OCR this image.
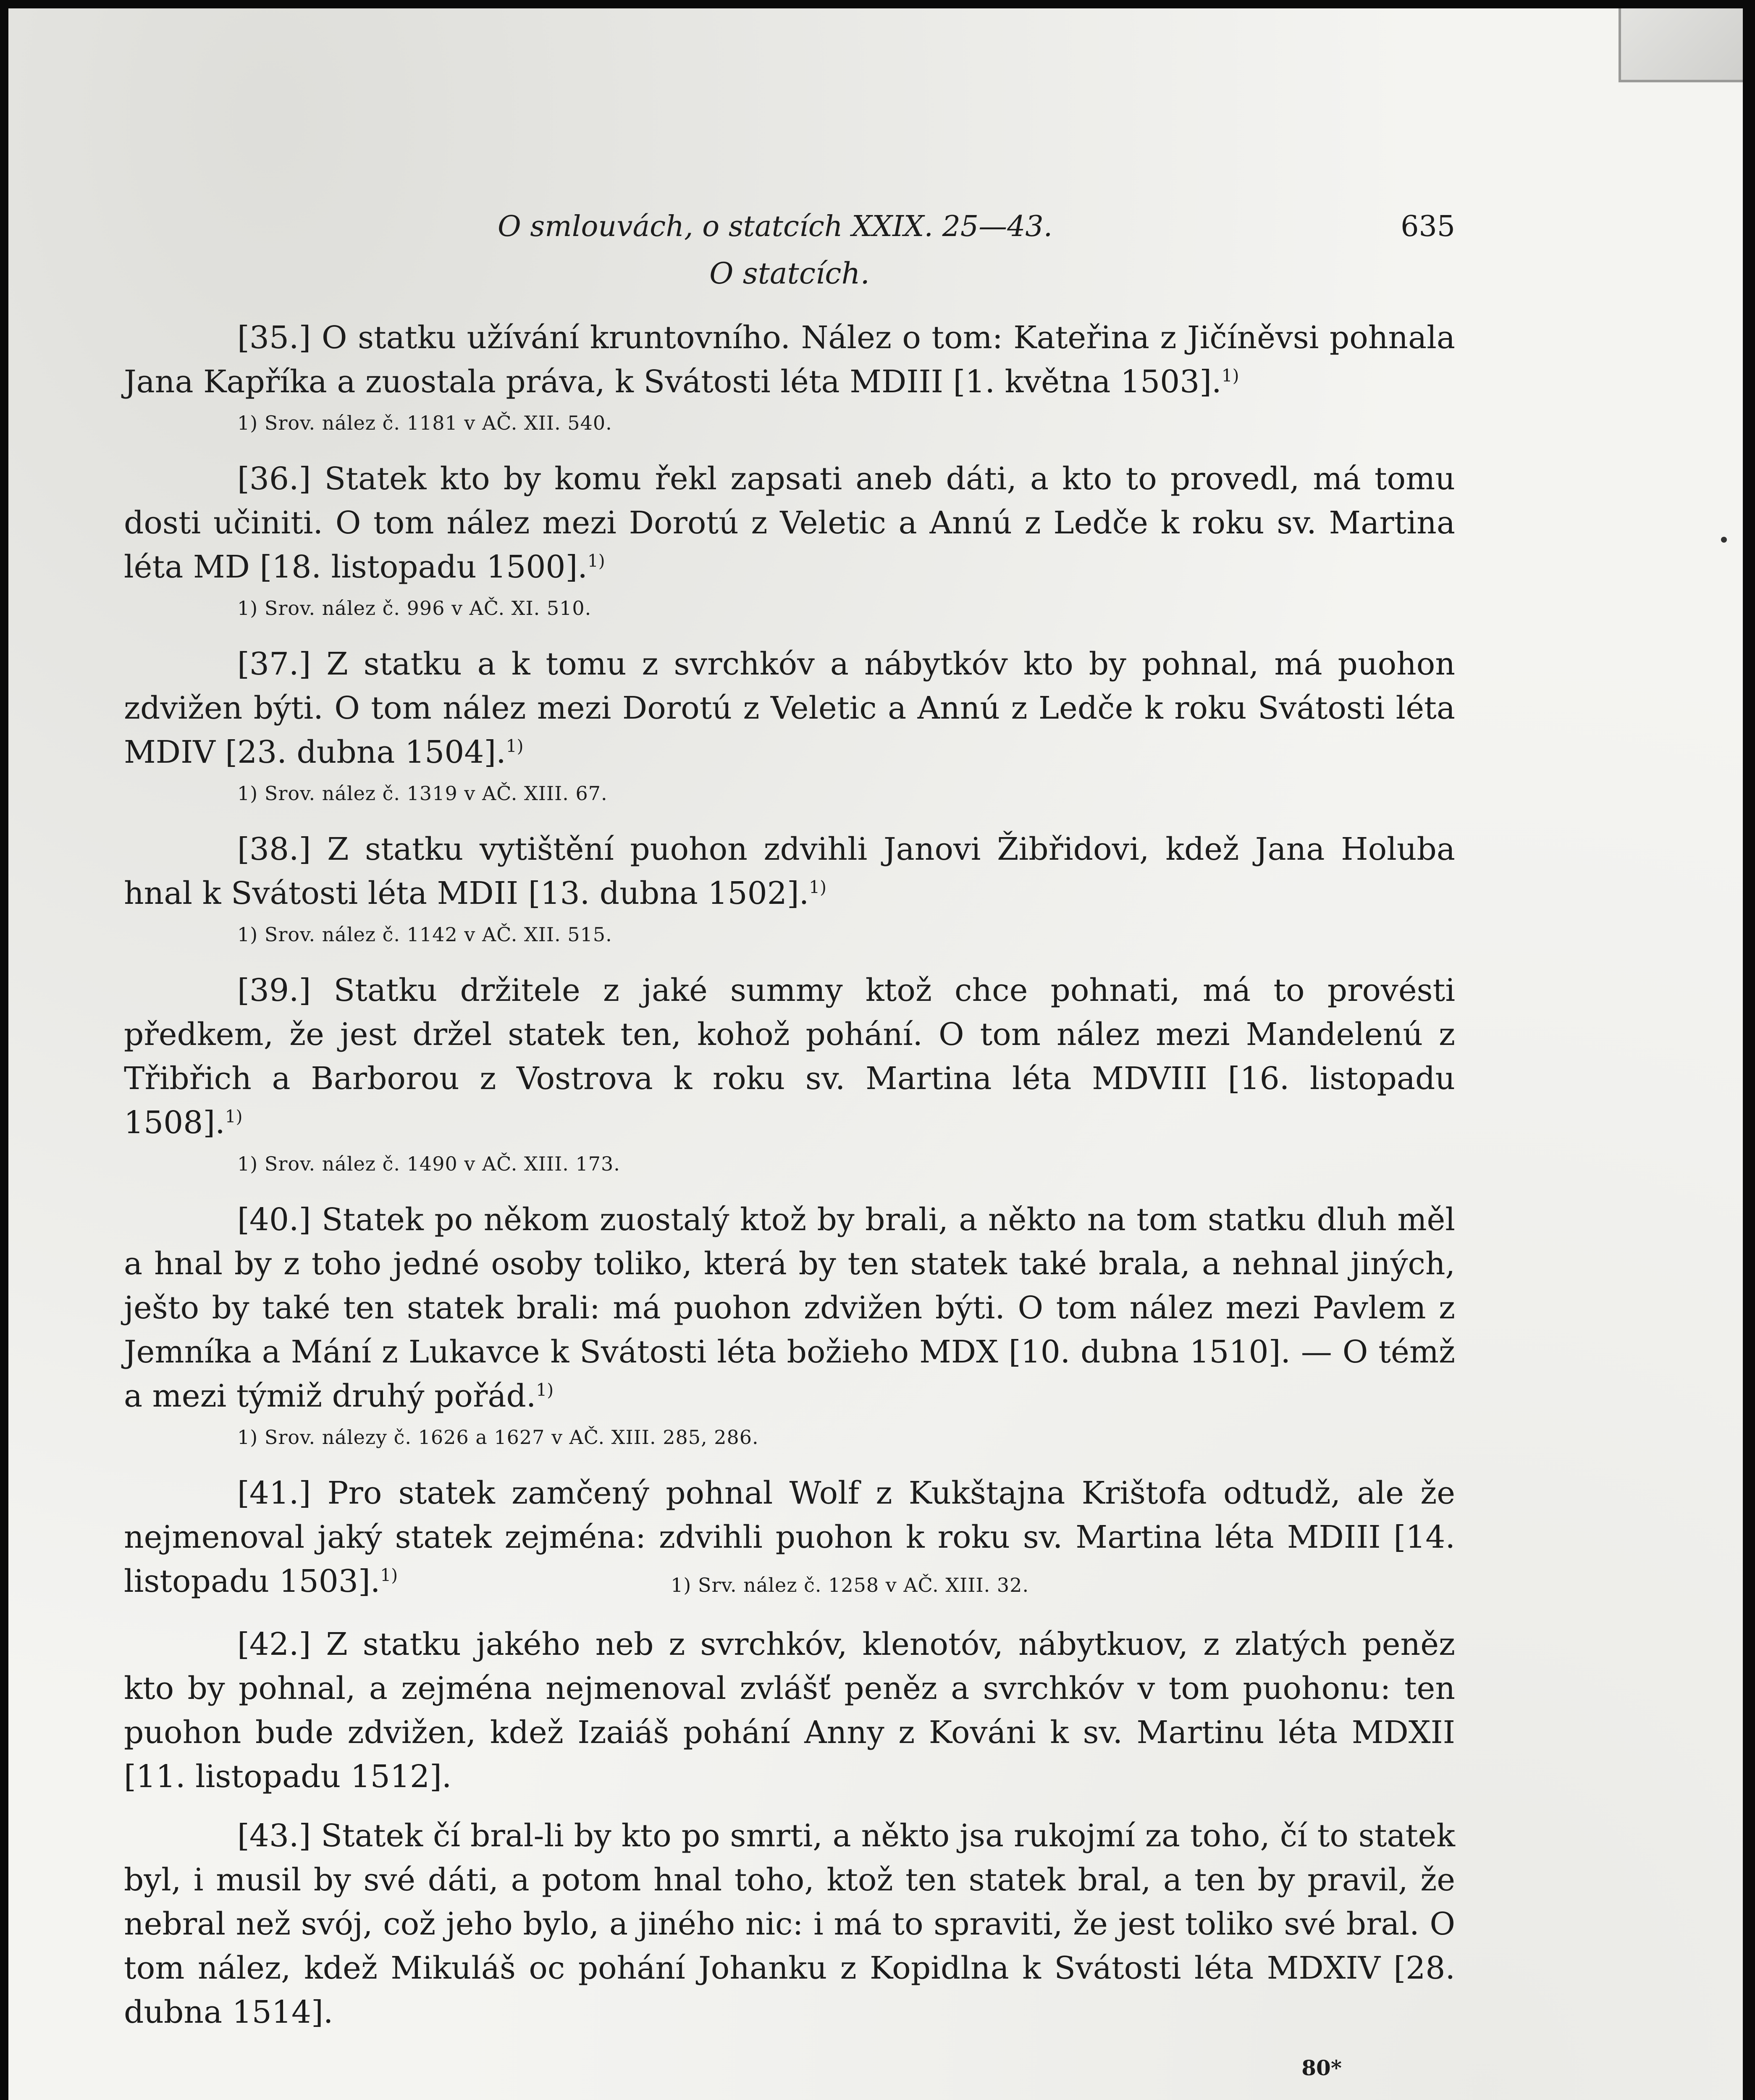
O smlouvách, o statcích XXIX. 25—43.	635
O statcích.

[35.] O statku užívání kruntovního. Nález o tom: Kateřina z Jičíněvsi pohnala Jana Kapříka a zuostala práva, k Svátosti léta MDIII [1. května 1503].$^{1)}$

1) Srov. nález č. 1181 v AČ. XII. 540.

[36.] Statek kto by komu řekl zapsati aneb dáti, a kto to provedl, má tomu dosti učiniti. O tom nález mezi Dorotú z Veletic a Annú z Ledče k roku sv. Martina léta MD [18. listopadu 1500].$^{1)}$

1) Srov. nález č. 996 v AČ. XI. 510.

[37.] Z statku a k tomu z svrchkóv a nábytkóv kto by pohnal, má puohon zdvižen býti. O tom nález mezi Dorotú z Veletic a Annú z Ledče k roku Svátosti léta MDIV [23. dubna 1504].$^{1)}$

1) Srov. nález č. 1319 v AČ. XIII. 67.

[38.] Z statku vytištění puohon zdvihli Janovi Žibřidovi, kdež Jana Holuba hnal k Svátosti léta MDII [13. dubna 1502].$^{1)}$

1) Srov. nález č. 1142 v AČ. XII. 515.

[39.] Statku držitele z jaké summy ktož chce pohnati, má to provésti předkem, že jest držel statek ten, kohož pohání. O tom nález mezi Mandelenú z Třibřich a Barborou z Vostrova k roku sv. Martina léta MDVIII [16. listopadu 1508].$^{1)}$

1) Srov. nález č. 1490 v AČ. XIII. 173.

[40.] Statek po někom zuostalý ktož by brali, a někto na tom statku dluh měl a hnal by z toho jedné osoby toliko, která by ten statek také brala, a nehnal jiných, ješto by také ten statek brali: má puohon zdvižen býti. O tom nález mezi Pavlem z Jemníka a Mání z Lukavce k Svátosti léta božieho MDX [10. dubna 1510]. — O témž a mezi týmiž druhý pořád.$^{1)}$

1) Srov. nálezy č. 1626 a 1627 v AČ. XIII. 285, 286.

[41.] Pro statek zamčený pohnal Wolf z Kukštajna Krištofa odtudž, ale že nejmenoval jaký statek zejména: zdvihli puohon k roku sv. Martina léta MDIII [14. listopadu 1503].$^{1)}$	1) Srv. nález č. 1258 v AČ. XIII. 32.

[42.] Z statku jakého neb z svrchkóv, klenotóv, nábytkuov, z zlatých peněz kto by pohnal, a zejména nejmenoval zvlášť peněz a svrchkóv v tom puohonu: ten puohon bude zdvižen, kdež Izaiáš pohání Anny z Kováni k sv. Martinu léta MDXII [11. listopadu 1512].

[43.] Statek čí bral-li by kto po smrti, a někto jsa rukojmí za toho, čí to statek byl, i musil by své dáti, a potom hnal toho, ktož ten statek bral, a ten by pravil, že nebral než svój, což jeho bylo, a jiného nic: i má to spraviti, že jest toliko své bral. O tom nález, kdež Mikuláš oc pohání Johanku z Kopidlna k Svátosti léta MDXIV [28. dubna 1514].

80*
